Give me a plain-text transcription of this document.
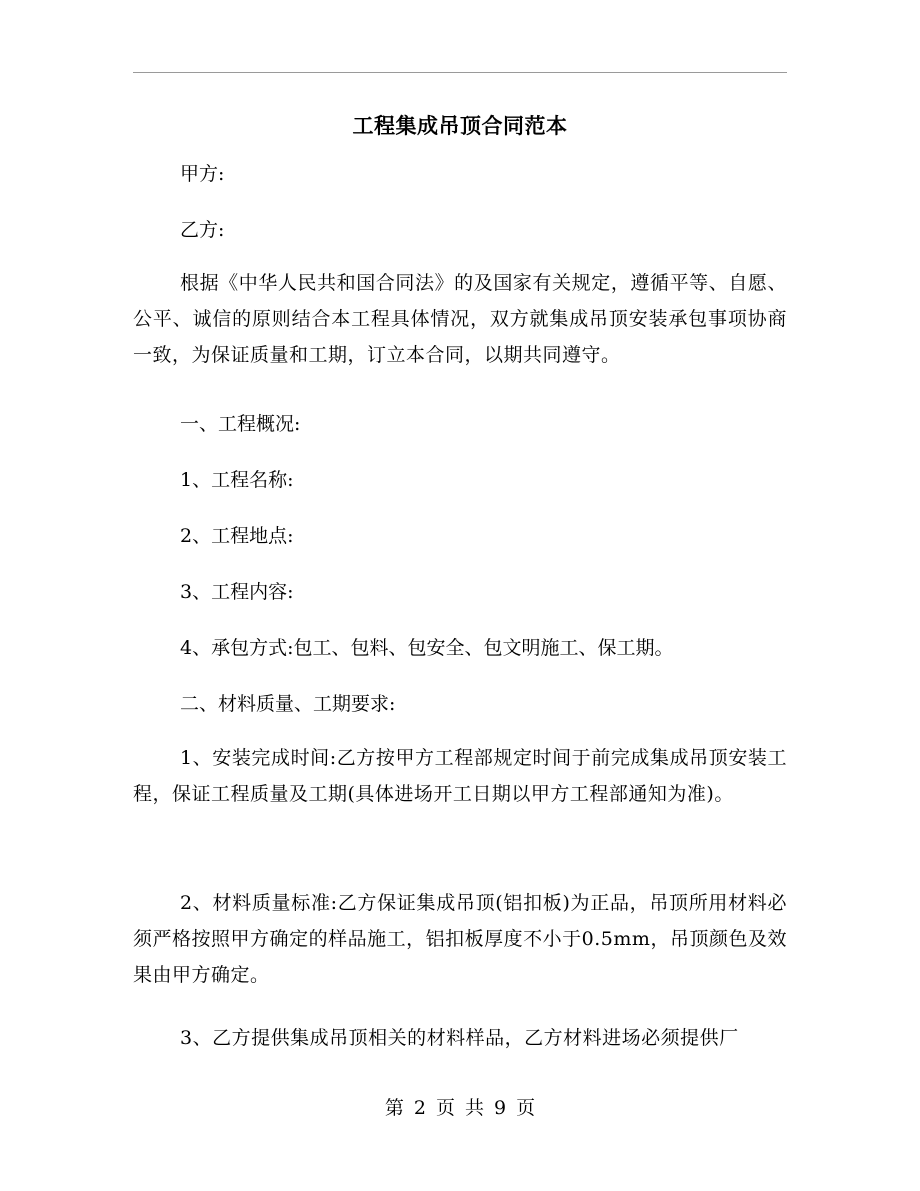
工程集成吊顶合同范本
甲方:
乙方:
根据《中华人民共和国合同法》的及国家有关规定，遵循平等、自愿、公平、诚信的原则结合本工程具体情况，双方就集成吊顶安装承包事项协商一致，为保证质量和工期，订立本合同，以期共同遵守。
一、工程概况:
1、工程名称:
2、工程地点:
3、工程内容:
4、承包方式:包工、包料、包安全、包文明施工、保工期。
二、材料质量、工期要求:
1、安装完成时间:乙方按甲方工程部规定时间于前完成集成吊顶安装工程，保证工程质量及工期(具体进场开工日期以甲方工程部通知为准)。
2、材料质量标准:乙方保证集成吊顶(铝扣板)为正品，吊顶所用材料必须严格按照甲方确定的样品施工，铝扣板厚度不小于0.5mm，吊顶颜色及效果由甲方确定。
3、乙方提供集成吊顶相关的材料样品，乙方材料进场必须提供厂
第 2 页 共 9 页
